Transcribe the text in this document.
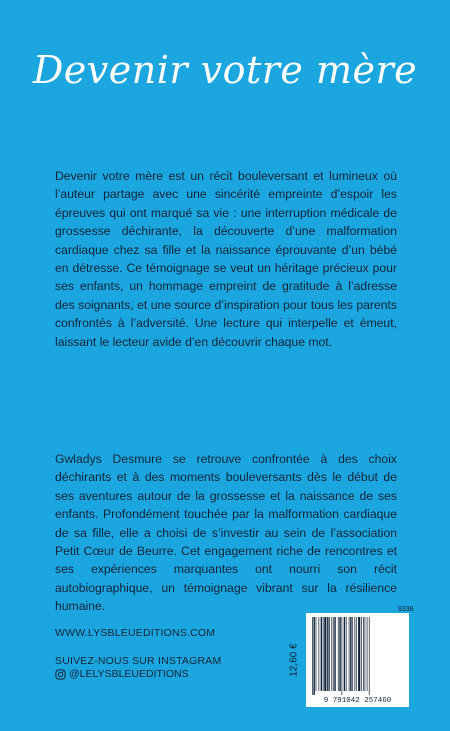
Devenir votre mère
Devenir votre mère est un récit bouleversant et lumineux où l’auteur partage avec une sincérité empreinte d’espoir les épreuves qui ont marqué sa vie : une interruption médicale de grossesse déchirante, la découverte d’une malformation cardiaque chez sa fille et la naissance éprouvante d’un bébé en détresse. Ce témoignage se veut un héritage précieux pour ses enfants, un hommage empreint de gratitude à l’adresse des soignants, et une source d’inspiration pour tous les parents confrontés à l’adversité. Une lecture qui interpelle et émeut, laissant le lecteur avide d’en découvrir chaque mot.
Gwladys Desmure se retrouve confrontée à des choix déchirants et à des moments bouleversants dès le début de ses aventures autour de la grossesse et la naissance de ses enfants. Profondément touchée par la malformation cardiaque de sa fille, elle a choisi de s’investir au sein de l’association Petit Cœur de Beurre. Cet engagement riche de rencontres et ses expériences marquantes ont nourri son récit autobiographique, un témoignage vibrant sur la résilience humaine.
WWW.LYSBLEUEDITIONS.COM
SUIVEZ-NOUS SUR INSTAGRAM
@LELYSBLEUEDITIONS
9338
12,60 €
9 791042 257460
